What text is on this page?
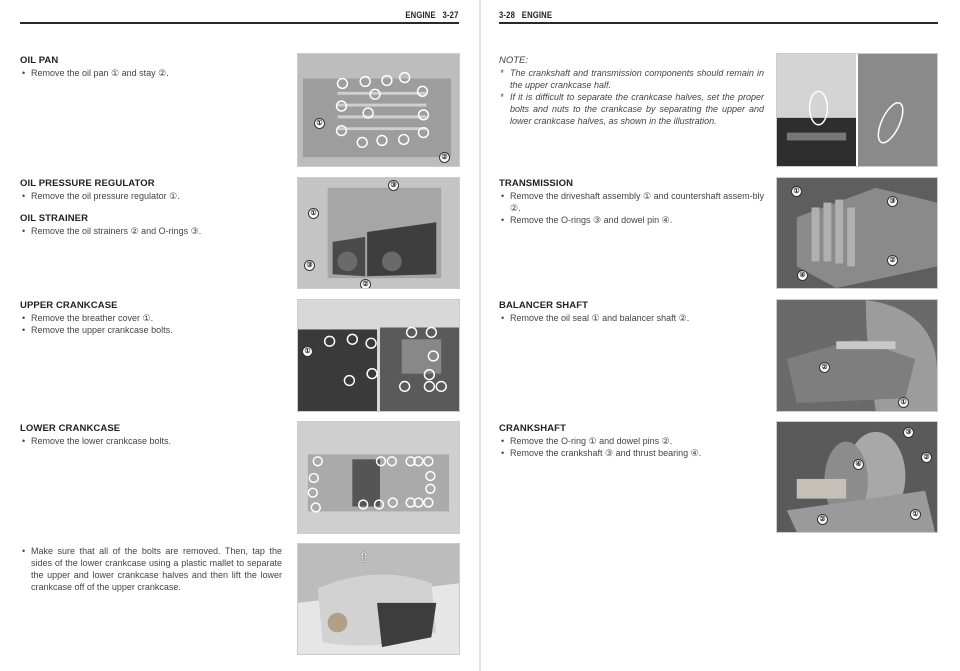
ENGINE 3-27
OIL PAN
• Remove the oil pan ① and stay ②.
OIL PRESSURE REGULATOR
• Remove the oil pressure regulator ①.
OIL STRAINER
• Remove the oil strainers ② and O-rings ③.
UPPER CRANKCASE
• Remove the breather cover ①.
• Remove the upper crankcase bolts.
LOWER CRANKCASE
• Remove the lower crankcase bolts.
• Make sure that all of the bolts are removed. Then, tap the sides of the lower crankcase using a plastic mallet to separate the upper and lower crankcase halves and then lift the lower crankcase off of the upper crankcase.
①
②
①
②
③
③
①
⇧
3-28 ENGINE
NOTE:
* The crankshaft and transmission components should remain in the upper crankcase half.
* If it is difficult to separate the crankcase halves, set the proper bolts and nuts to the crankcase by separating the upper and lower crankcase halves, as shown in the illustration.
TRANSMISSION
• Remove the driveshaft assembly ① and countershaft assem-bly ②.
• Remove the O-rings ③ and dowel pin ④.
BALANCER SHAFT
• Remove the oil seal ① and balancer shaft ②.
CRANKSHAFT
• Remove the O-ring ① and dowel pins ②.
• Remove the crankshaft ③ and thrust bearing ④.
①
②
③
④
①
②
①
②
②
③
④
